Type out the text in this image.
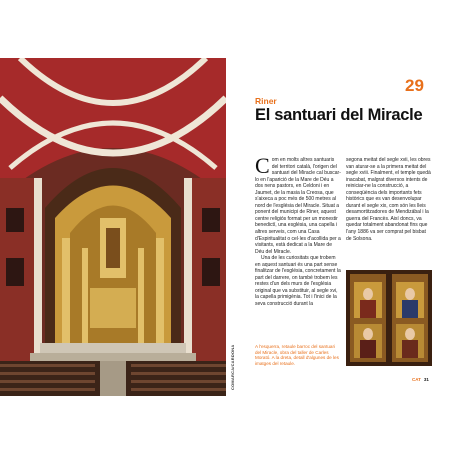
COMARCA/CARDONA
29
Riner
El santuari del Miracle
Com en molts altres santuaris del territori català, l'origen del santuari del Miracle cal buscar-lo en l'aparició de la Mare de Déu a dos nens pastors, en Celdoni i en Jaumet, de la masia la Creosa, que s'aixeca a poc més de 500 metres al nord de l'església del Miracle. Situat a ponent del municipi de Riner, aquest centre religiós format per un monestir benedictí, una església, una capella i altres serveis, com una Casa d'Espiritualitat o cel·les d'acollida per a visitants, està dedicat a la Mare de Déu del Miracle.
Una de les curiositats que trobem en aquest santuari és una part sense finalitzar de l'església, concretament la part del darrere, on també trobem les restes d'un dels murs de l'església original que va substituir, al segle xvi, la capella primigènia. Tot i l'inici de la seva construcció durant la
segona meitat del segle xvii, les obres van aturar-se a la primera meitat del segle xviii. Finalment, el temple quedà inacabat, malgrat diversos intents de reiniciar-ne la construcció, a conseqüència dels importants fets històrics que es van desenvolupar durant el segle xix, com són les lleis desamortitzadores de Mendizábal i la guerra del Francès. Així doncs, va quedar totalment abandonat fins que l'any 1886 va ser comprat pel bisbat de Solsona.
A l'esquerra, retaule barroc del santuari del Miracle, obra del taller de Carles Morató. A la dreta, detall d'algunes de les imatges del retaule.
CAT 31
